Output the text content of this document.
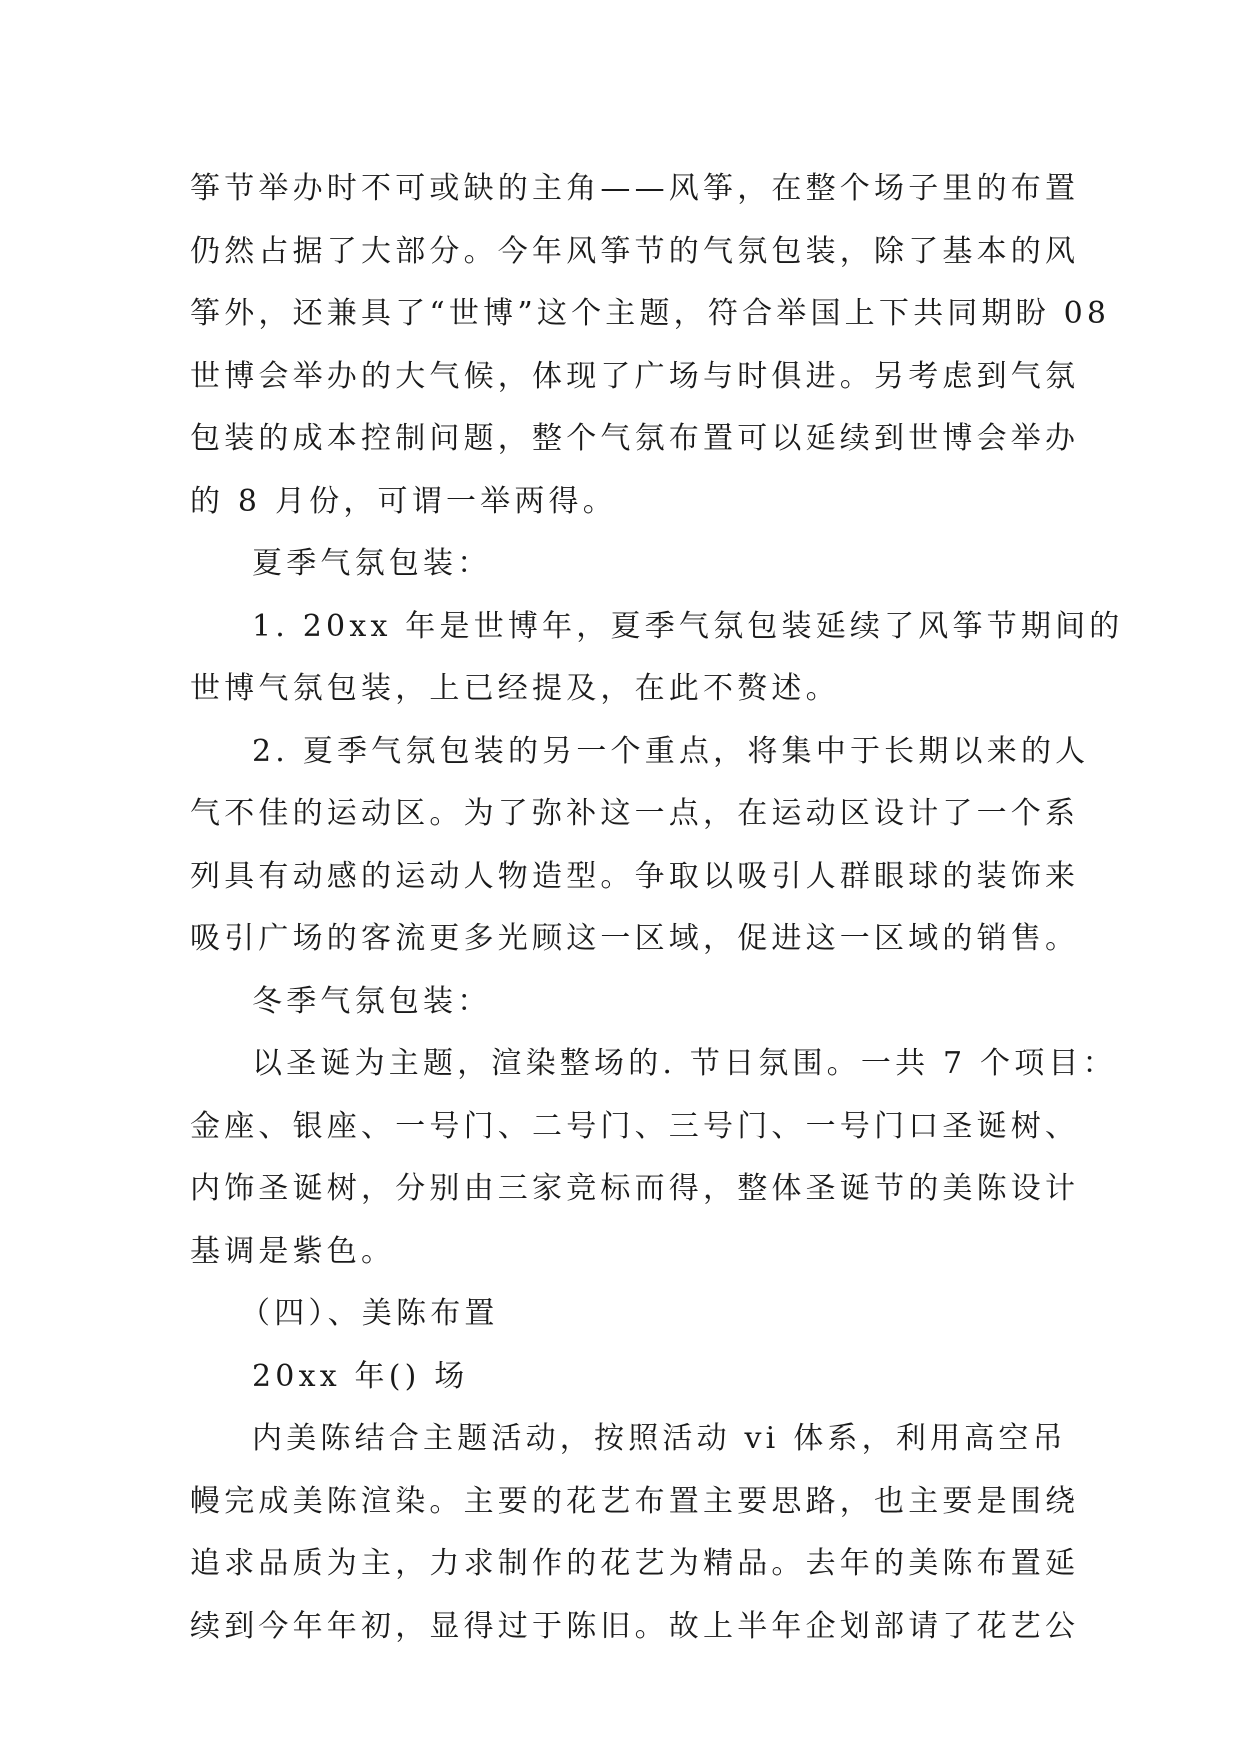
筝节举办时不可或缺的主角——风筝，在整个场子里的布置
仍然占据了大部分。今年风筝节的气氛包装，除了基本的风
筝外，还兼具了“世博”这个主题，符合举国上下共同期盼 08
世博会举办的大气候，体现了广场与时俱进。另考虑到气氛
包装的成本控制问题，整个气氛布置可以延续到世博会举办
的 8 月份，可谓一举两得。
夏季气氛包装：
1. 20xx 年是世博年，夏季气氛包装延续了风筝节期间的
世博气氛包装，上已经提及，在此不赘述。
2. 夏季气氛包装的另一个重点，将集中于长期以来的人
气不佳的运动区。为了弥补这一点，在运动区设计了一个系
列具有动感的运动人物造型。争取以吸引人群眼球的装饰来
吸引广场的客流更多光顾这一区域，促进这一区域的销售。
冬季气氛包装：
以圣诞为主题，渲染整场的. 节日氛围。一共 7 个项目：
金座、银座、一号门、二号门、三号门、一号门口圣诞树、
内饰圣诞树，分别由三家竞标而得，整体圣诞节的美陈设计
基调是紫色。
（四）、美陈布置
20xx 年() 场
内美陈结合主题活动，按照活动 vi 体系，利用高空吊
幔完成美陈渲染。主要的花艺布置主要思路，也主要是围绕
追求品质为主，力求制作的花艺为精品。去年的美陈布置延
续到今年年初，显得过于陈旧。故上半年企划部请了花艺公
